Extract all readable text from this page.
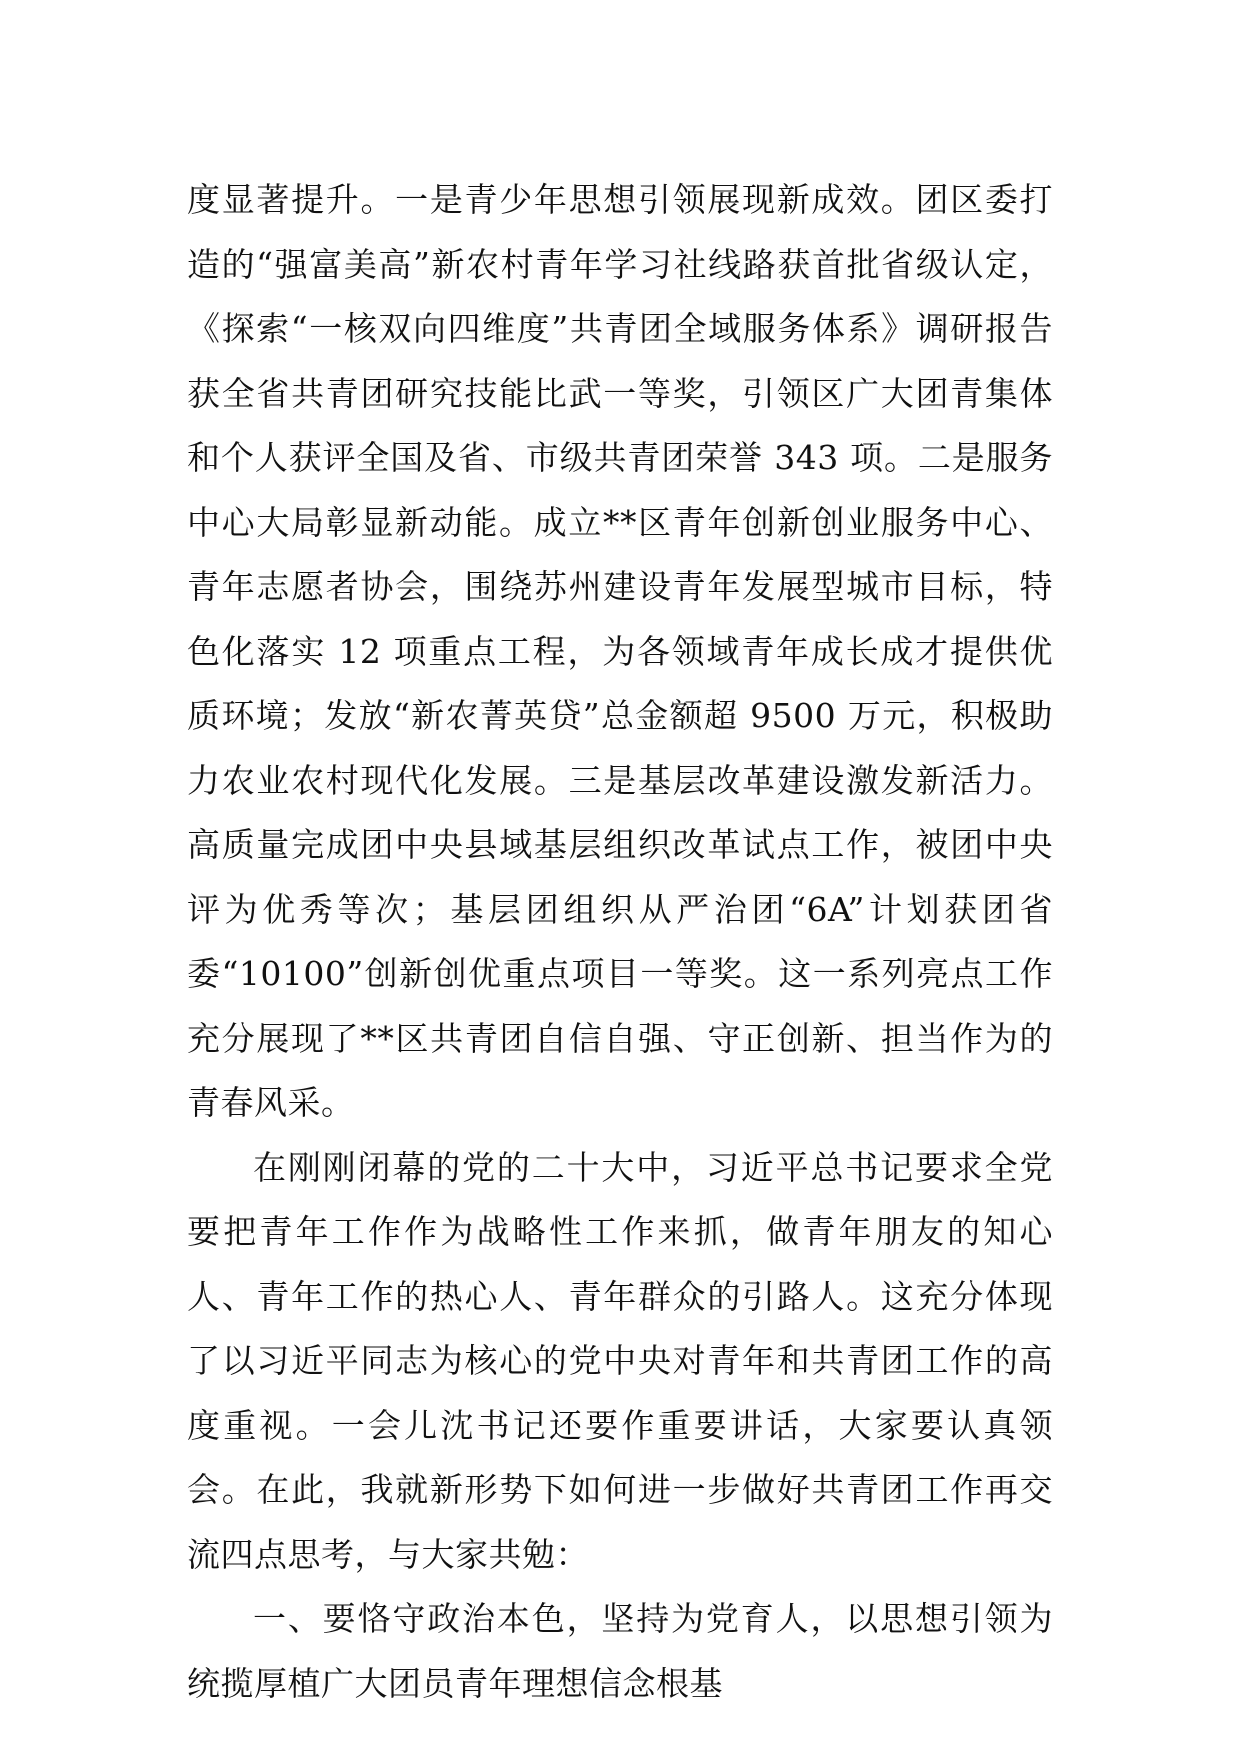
度显著提升。一是青少年思想引领展现新成效。团区委打造的“强富美高”新农村青年学习社线路获首批省级认定，《探索“一核双向四维度”共青团全域服务体系》调研报告获全省共青团研究技能比武一等奖，引领区广大团青集体和个人获评全国及省、市级共青团荣誉 343 项。二是服务中心大局彰显新动能。成立**区青年创新创业服务中心、青年志愿者协会，围绕苏州建设青年发展型城市目标，特色化落实 12 项重点工程，为各领域青年成长成才提供优质环境；发放“新农菁英贷”总金额超 9500 万元，积极助力农业农村现代化发展。三是基层改革建设激发新活力。高质量完成团中央县域基层组织改革试点工作，被团中央评为优秀等次；基层团组织从严治团“6A”计划获团省委“10100”创新创优重点项目一等奖。这一系列亮点工作充分展现了**区共青团自信自强、守正创新、担当作为的青春风采。

在刚刚闭幕的党的二十大中，习近平总书记要求全党要把青年工作作为战略性工作来抓，做青年朋友的知心人、青年工作的热心人、青年群众的引路人。这充分体现了以习近平同志为核心的党中央对青年和共青团工作的高度重视。一会儿沈书记还要作重要讲话，大家要认真领会。在此，我就新形势下如何进一步做好共青团工作再交流四点思考，与大家共勉：

一、要恪守政治本色，坚持为党育人，以思想引领为统揽厚植广大团员青年理想信念根基
